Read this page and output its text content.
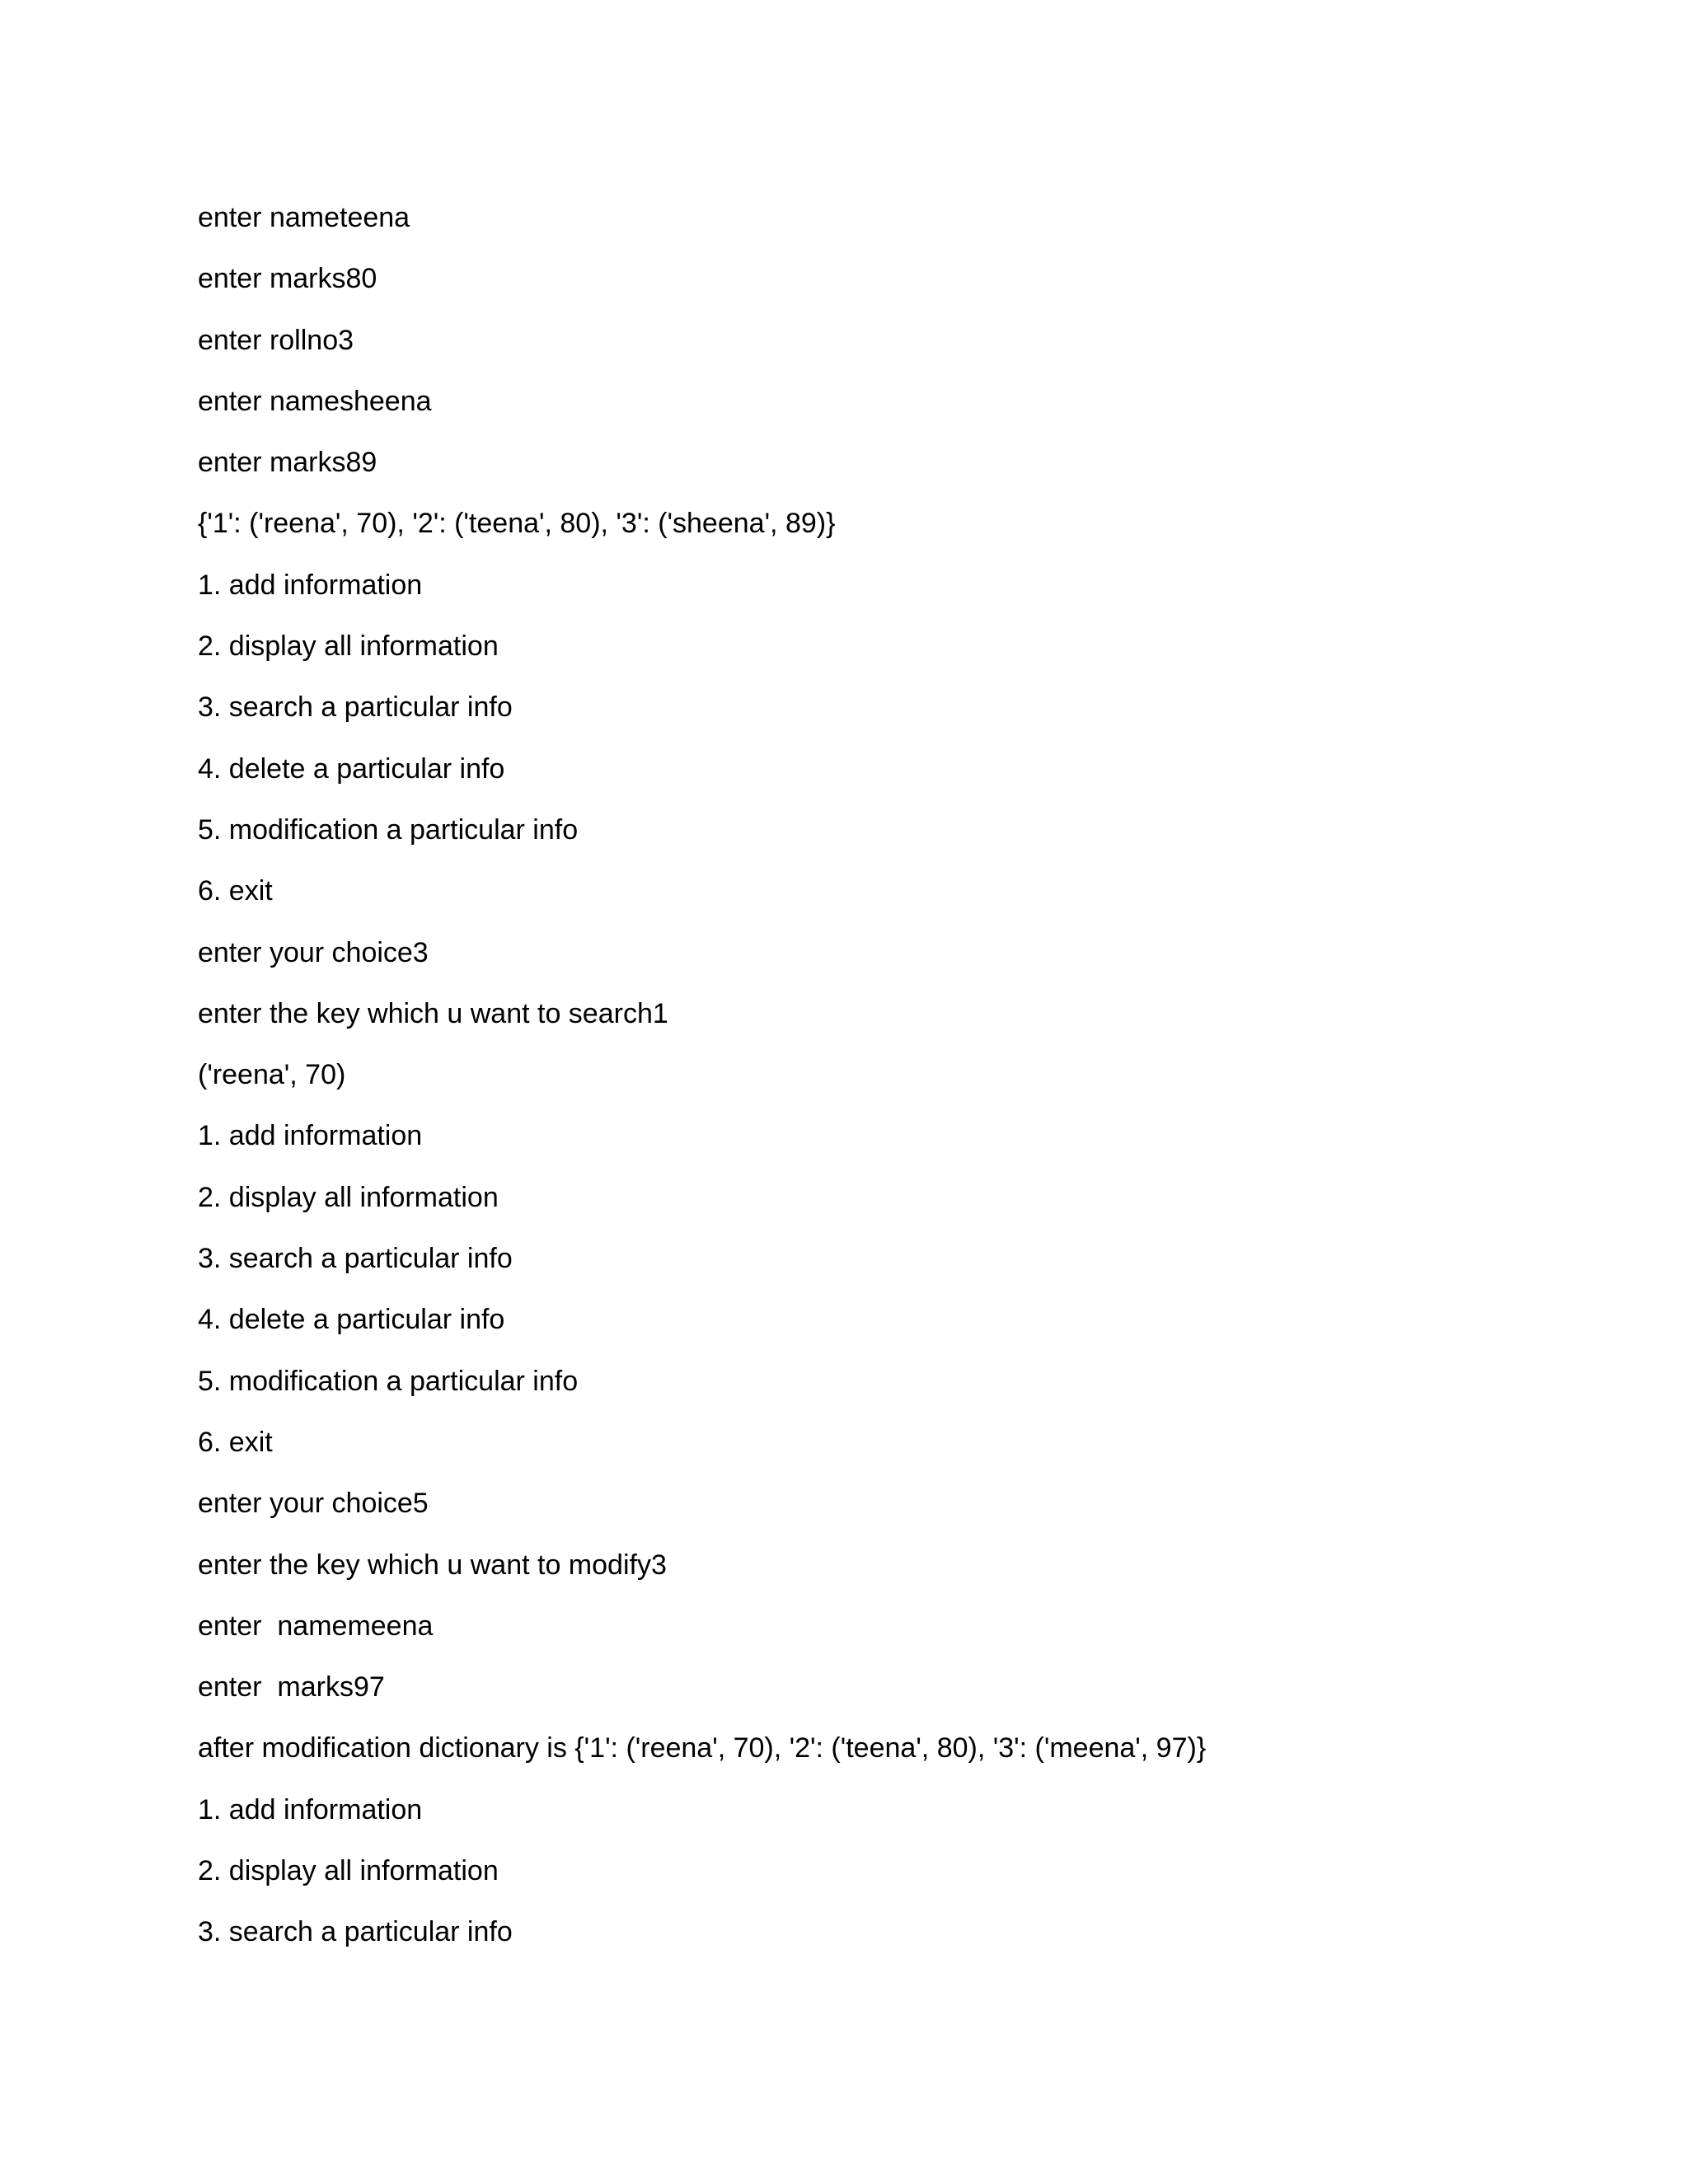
enter nameteena
enter marks80
enter rollno3
enter namesheena
enter marks89
{'1': ('reena', 70), '2': ('teena', 80), '3': ('sheena', 89)}
1. add information
2. display all information
3. search a particular info
4. delete a particular info
5. modification a particular info
6. exit
enter your choice3
enter the key which u want to search1
('reena', 70)
1. add information
2. display all information
3. search a particular info
4. delete a particular info
5. modification a particular info
6. exit
enter your choice5
enter the key which u want to modify3
enter  namemeena
enter  marks97
after modification dictionary is {'1': ('reena', 70), '2': ('teena', 80), '3': ('meena', 97)}
1. add information
2. display all information
3. search a particular info
